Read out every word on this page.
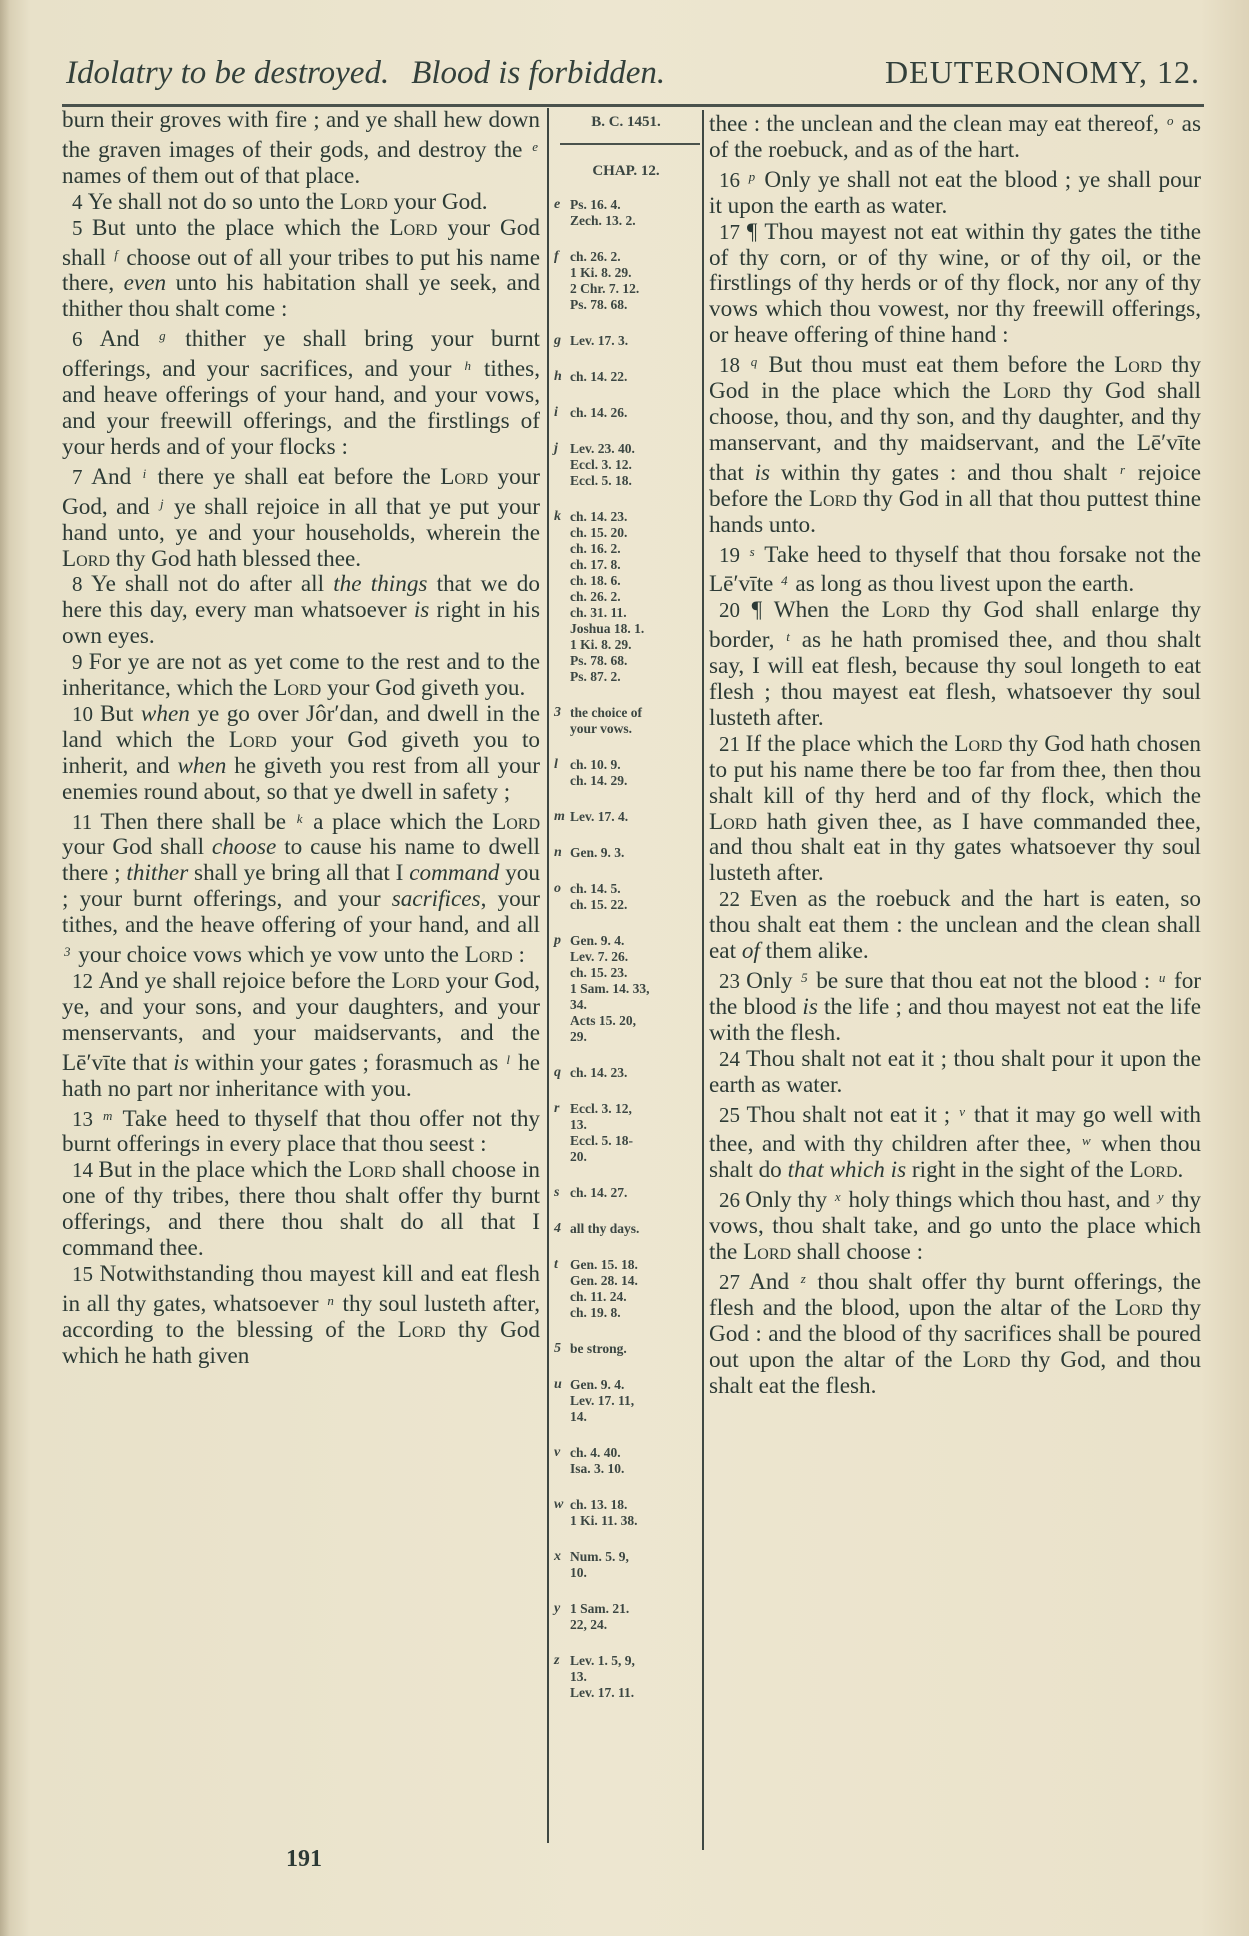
Idolatry to be destroyed. Blood is forbidden.	DEUTERONOMY, 12.

burn their groves with fire ; and ye shall hew down the graven images of their gods, and destroy the $^e$ names of them out of that place.

4 Ye shall not do so unto the Lord your God.

5 But unto the place which the Lord your God shall $^f$ choose out of all your tribes to put his name there, even unto his habitation shall ye seek, and thither thou shalt come :

6 And $^g$ thither ye shall bring your burnt offerings, and your sacrifices, and your $^h$ tithes, and heave offerings of your hand, and your vows, and your freewill offerings, and the firstlings of your herds and of your flocks :

7 And $^i$ there ye shall eat before the Lord your God, and $^j$ ye shall rejoice in all that ye put your hand unto, ye and your households, wherein the Lord thy God hath blessed thee.

8 Ye shall not do after all the things that we do here this day, every man whatsoever is right in his own eyes.

9 For ye are not as yet come to the rest and to the inheritance, which the Lord your God giveth you.

10 But when ye go over Jôr′dan, and dwell in the land which the Lord your God giveth you to inherit, and when he giveth you rest from all your enemies round about, so that ye dwell in safety ;

11 Then there shall be $^k$ a place which the Lord your God shall choose to cause his name to dwell there ; thither shall ye bring all that I command you ; your burnt offerings, and your sacrifices, your tithes, and the heave offering of your hand, and all $^3$ your choice vows which ye vow unto the Lord :

12 And ye shall rejoice before the Lord your God, ye, and your sons, and your daughters, and your menservants, and your maidservants, and the Lē′vīte that is within your gates ; forasmuch as $^l$ he hath no part nor inheritance with you.

13 $^m$ Take heed to thyself that thou offer not thy burnt offerings in every place that thou seest :

14 But in the place which the Lord shall choose in one of thy tribes, there thou shalt offer thy burnt offerings, and there thou shalt do all that I command thee.

15 Notwithstanding thou mayest kill and eat flesh in all thy gates, whatsoever $^n$ thy soul lusteth after, according to the blessing of the Lord thy God which he hath given

B. C. 1451.
CHAP. 12.
e Ps. 16. 4.
Zech. 13. 2.
f ch. 26. 2.
1 Ki. 8. 29.
2 Chr. 7. 12.
Ps. 78. 68.
g Lev. 17. 3.
h ch. 14. 22.
i ch. 14. 26.
j Lev. 23. 40.
Eccl. 3. 12.
Eccl. 5. 18.
k ch. 14. 23.
ch. 15. 20.
ch. 16. 2.
ch. 17. 8.
ch. 18. 6.
ch. 26. 2.
ch. 31. 11.
Joshua 18. 1.
1 Ki. 8. 29.
Ps. 78. 68.
Ps. 87. 2.
3 the choice of
your vows.
l ch. 10. 9.
ch. 14. 29.
m Lev. 17. 4.
n Gen. 9. 3.
o ch. 14. 5.
ch. 15. 22.
p Gen. 9. 4.
Lev. 7. 26.
ch. 15. 23.
1 Sam. 14. 33,
34.
Acts 15. 20,
29.
q ch. 14. 23.
r Eccl. 3. 12,
13.
Eccl. 5. 18-
20.
s ch. 14. 27.
4 all thy days.
t Gen. 15. 18.
Gen. 28. 14.
ch. 11. 24.
ch. 19. 8.
5 be strong.
u Gen. 9. 4.
Lev. 17. 11,
14.
v ch. 4. 40.
Isa. 3. 10.
w ch. 13. 18.
1 Ki. 11. 38.
x Num. 5. 9,
10.
y 1 Sam. 21.
22, 24.
z Lev. 1. 5, 9,
13.
Lev. 17. 11.

thee : the unclean and the clean may eat thereof, $^o$ as of the roebuck, and as of the hart.

16 $^p$ Only ye shall not eat the blood ; ye shall pour it upon the earth as water.

17 ¶ Thou mayest not eat within thy gates the tithe of thy corn, or of thy wine, or of thy oil, or the firstlings of thy herds or of thy flock, nor any of thy vows which thou vowest, nor thy freewill offerings, or heave offering of thine hand :

18 $^q$ But thou must eat them before the Lord thy God in the place which the Lord thy God shall choose, thou, and thy son, and thy daughter, and thy manservant, and thy maidservant, and the Lē′vīte that is within thy gates : and thou shalt $^r$ rejoice before the Lord thy God in all that thou puttest thine hands unto.

19 $^s$ Take heed to thyself that thou forsake not the Lē′vīte $^4$ as long as thou livest upon the earth.

20 ¶ When the Lord thy God shall enlarge thy border, $^t$ as he hath promised thee, and thou shalt say, I will eat flesh, because thy soul longeth to eat flesh ; thou mayest eat flesh, whatsoever thy soul lusteth after.

21 If the place which the Lord thy God hath chosen to put his name there be too far from thee, then thou shalt kill of thy herd and of thy flock, which the Lord hath given thee, as I have commanded thee, and thou shalt eat in thy gates whatsoever thy soul lusteth after.

22 Even as the roebuck and the hart is eaten, so thou shalt eat them : the unclean and the clean shall eat of them alike.

23 Only $^5$ be sure that thou eat not the blood : $^u$ for the blood is the life ; and thou mayest not eat the life with the flesh.

24 Thou shalt not eat it ; thou shalt pour it upon the earth as water.

25 Thou shalt not eat it ; $^v$ that it may go well with thee, and with thy children after thee, $^w$ when thou shalt do that which is right in the sight of the Lord.

26 Only thy $^x$ holy things which thou hast, and $^y$ thy vows, thou shalt take, and go unto the place which the Lord shall choose :

27 And $^z$ thou shalt offer thy burnt offerings, the flesh and the blood, upon the altar of the Lord thy God : and the blood of thy sacrifices shall be poured out upon the altar of the Lord thy God, and thou shalt eat the flesh.

191
